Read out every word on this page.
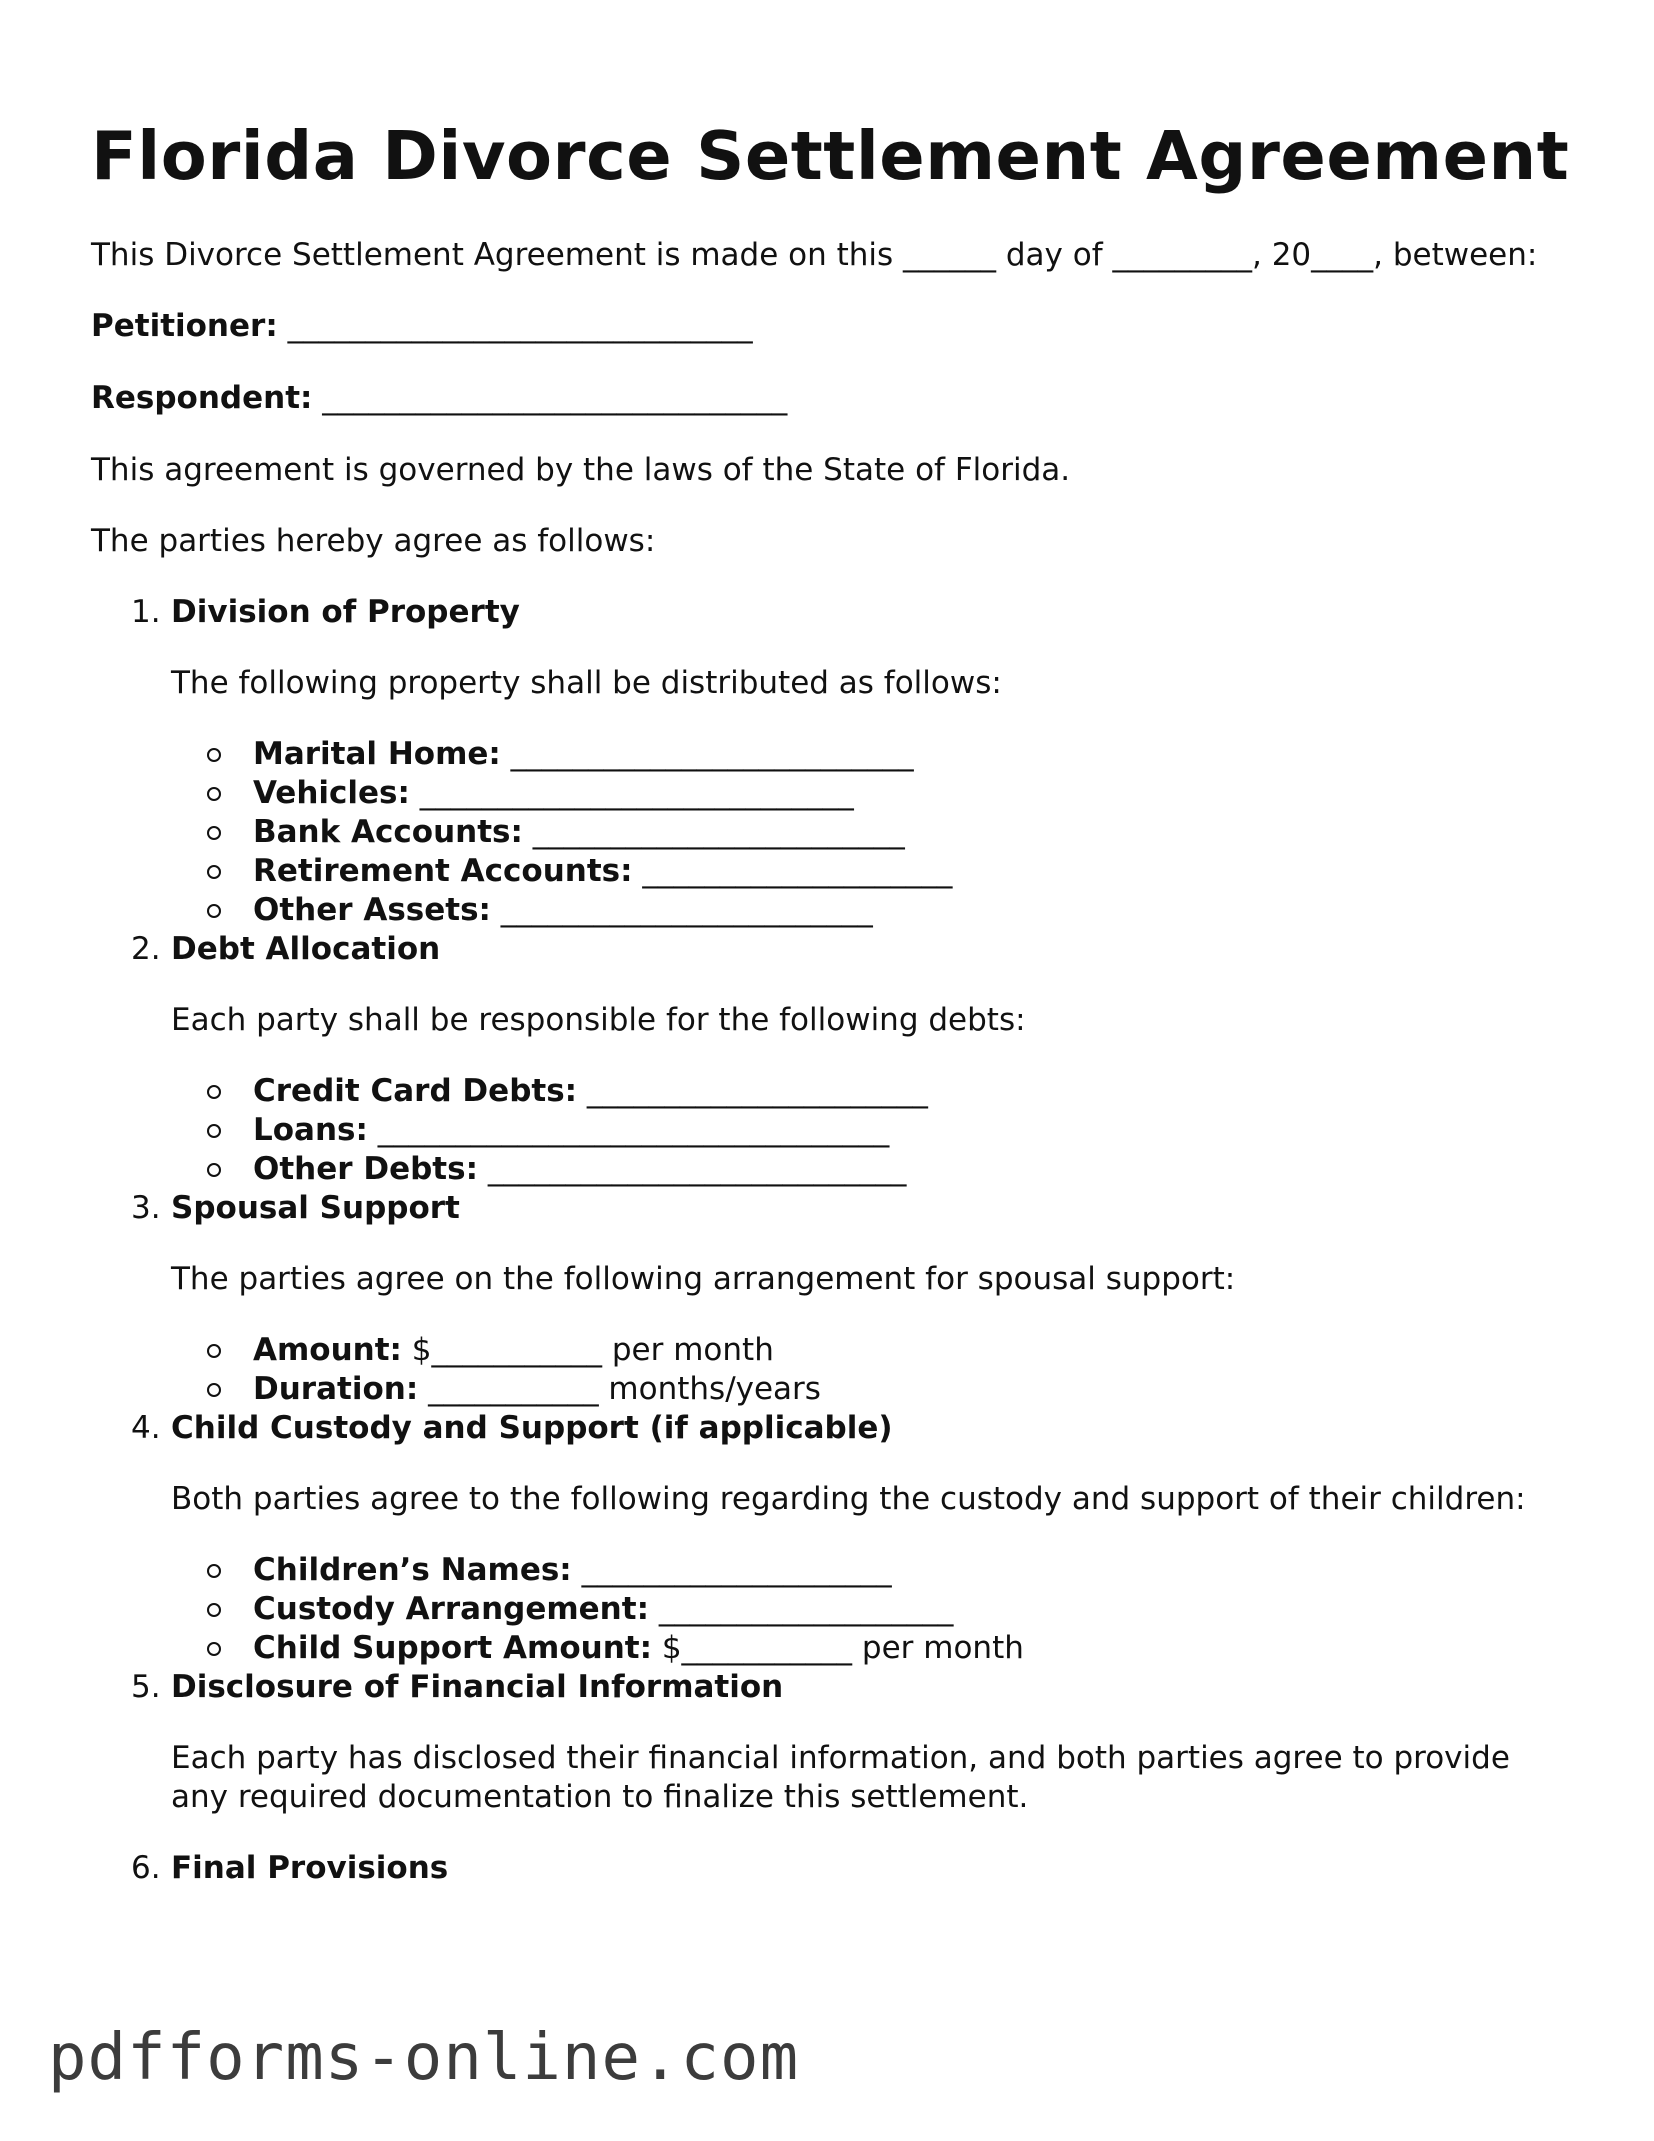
Florida Divorce Settlement Agreement

This Divorce Settlement Agreement is made on this ______ day of _________, 20____, between:

Petitioner: ______________________________

Respondent: ______________________________

This agreement is governed by the laws of the State of Florida.

The parties hereby agree as follows:

1. Division of Property

The following property shall be distributed as follows:

Marital Home: __________________________
Vehicles: ____________________________
Bank Accounts: ________________________
Retirement Accounts: ____________________
Other Assets: ________________________
2. Debt Allocation

Each party shall be responsible for the following debts:

Credit Card Debts: ______________________
Loans: _________________________________
Other Debts: ___________________________
3. Spousal Support

The parties agree on the following arrangement for spousal support:

Amount: $___________ per month
Duration: ___________ months/years
4. Child Custody and Support (if applicable)

Both parties agree to the following regarding the custody and support of their children:

Children’s Names: ____________________
Custody Arrangement: ___________________
Child Support Amount: $___________ per month
5. Disclosure of Financial Information

Each party has disclosed their financial information, and both parties agree to provide any required documentation to finalize this settlement.

6. Final Provisions
pdfforms-online.com
